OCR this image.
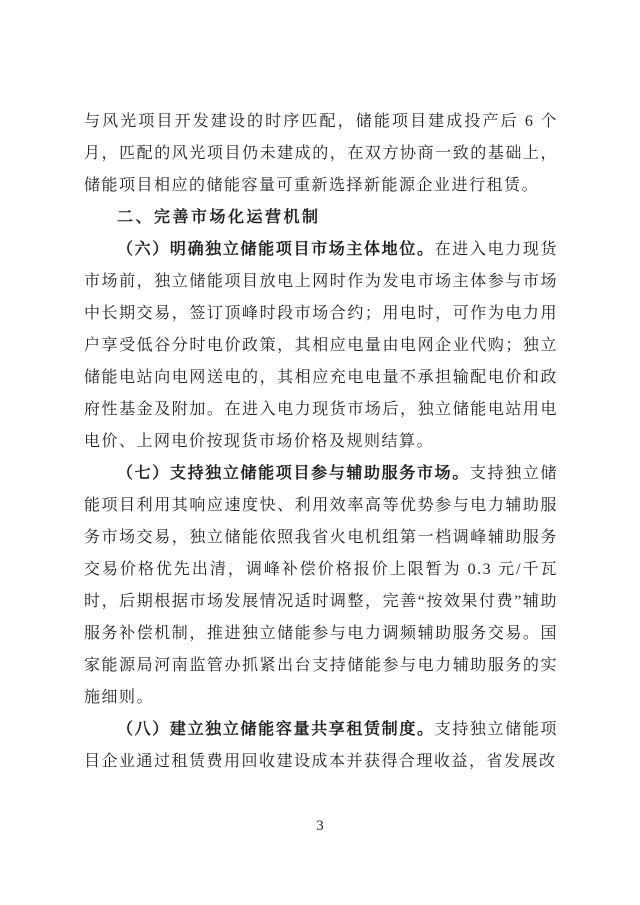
与风光项目开发建设的时序匹配，储能项目建成投产后 6 个月，匹配的风光项目仍未建成的，在双方协商一致的基础上，储能项目相应的储能容量可重新选择新能源企业进行租赁。

二、完善市场化运营机制

（六）明确独立储能项目市场主体地位。在进入电力现货市场前，独立储能项目放电上网时作为发电市场主体参与市场中长期交易，签订顶峰时段市场合约；用电时，可作为电力用户享受低谷分时电价政策，其相应电量由电网企业代购；独立储能电站向电网送电的，其相应充电电量不承担输配电价和政府性基金及附加。在进入电力现货市场后，独立储能电站用电电价、上网电价按现货市场价格及规则结算。

（七）支持独立储能项目参与辅助服务市场。支持独立储能项目利用其响应速度快、利用效率高等优势参与电力辅助服务市场交易，独立储能依照我省火电机组第一档调峰辅助服务交易价格优先出清，调峰补偿价格报价上限暂为 0.3 元/千瓦时，后期根据市场发展情况适时调整，完善“按效果付费”辅助服务补偿机制，推进独立储能参与电力调频辅助服务交易。国家能源局河南监管办抓紧出台支持储能参与电力辅助服务的实施细则。

（八）建立独立储能容量共享租赁制度。支持独立储能项目企业通过租赁费用回收建设成本并获得合理收益，省发展改

3
